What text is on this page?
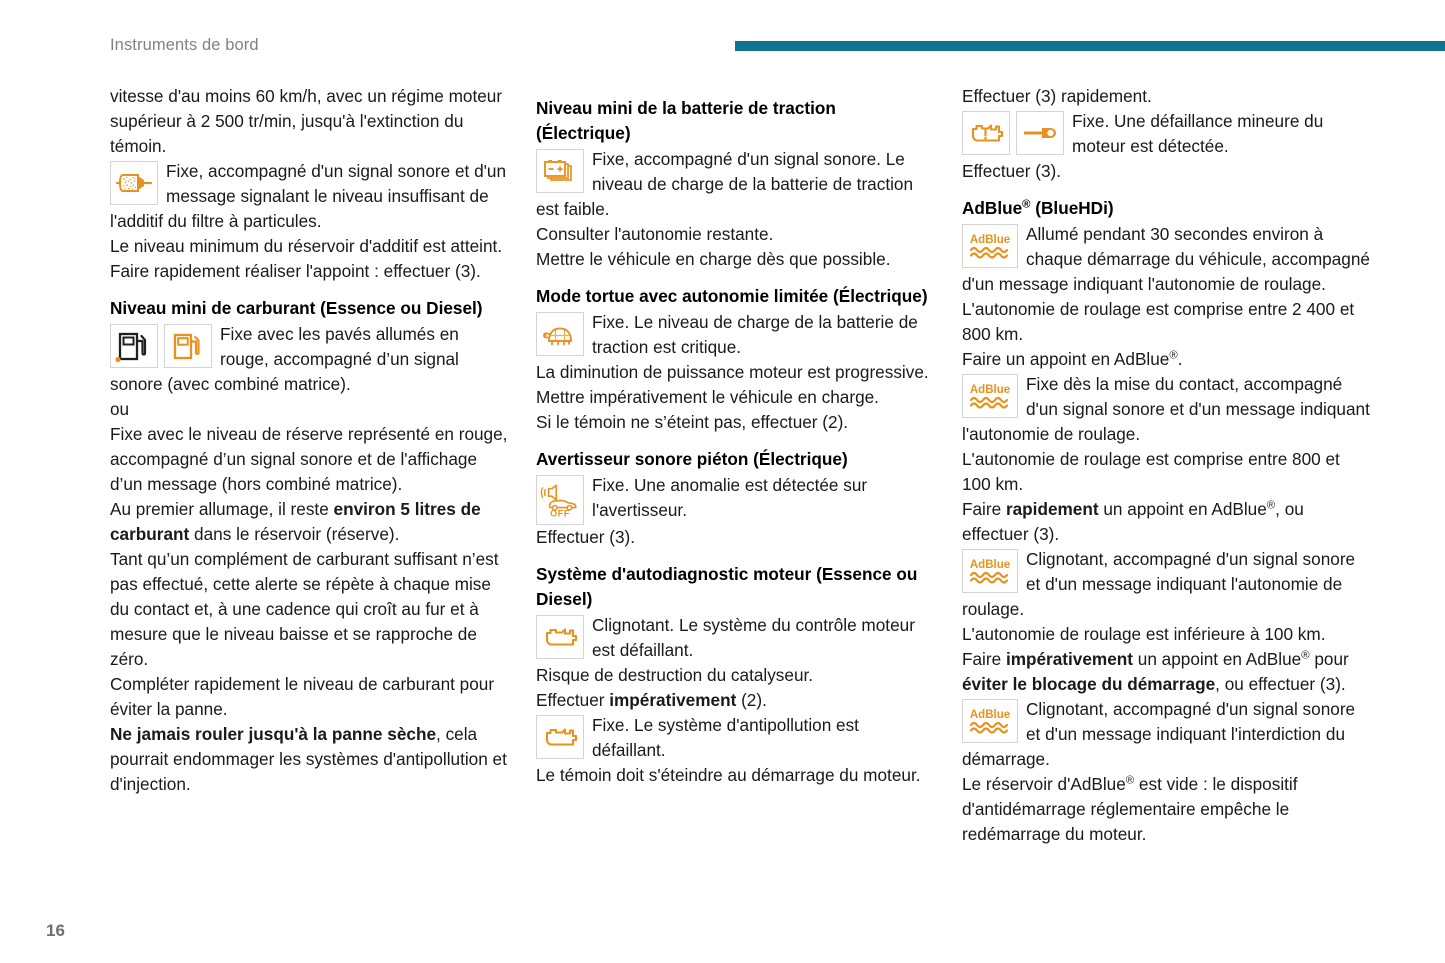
Instruments de bord

vitesse d'au moins 60 km/h, avec un régime moteur supérieur à 2 500 tr/min, jusqu'à l'extinction du témoin.

Fixe, accompagné d'un signal sonore et d'un message signalant le niveau insuffisant de l'additif du filtre à particules.

Le niveau minimum du réservoir d'additif est atteint.

Faire rapidement réaliser l'appoint : effectuer (3).

Niveau mini de carburant (Essence ou Diesel)

Fixe avec les pavés allumés en rouge, accompagné d’un signal sonore (avec combiné matrice).

ou

Fixe avec le niveau de réserve représenté en rouge, accompagné d’un signal sonore et de l'affichage d’un message (hors combiné matrice).

Au premier allumage, il reste environ 5 litres de carburant dans le réservoir (réserve).

Tant qu’un complément de carburant suffisant n’est pas effectué, cette alerte se répète à chaque mise du contact et, à une cadence qui croît au fur et à mesure que le niveau baisse et se rapproche de zéro.

Compléter rapidement le niveau de carburant pour éviter la panne.

Ne jamais rouler jusqu'à la panne sèche, cela pourrait endommager les systèmes d'antipollution et d'injection.

Niveau mini de la batterie de traction (Électrique)

Fixe, accompagné d'un signal sonore. Le niveau de charge de la batterie de traction est faible.

Consulter l'autonomie restante.

Mettre le véhicule en charge dès que possible.

Mode tortue avec autonomie limitée (Électrique)

Fixe. Le niveau de charge de la batterie de traction est critique.

La diminution de puissance moteur est progressive.

Mettre impérativement le véhicule en charge.

Si le témoin ne s’éteint pas, effectuer (2).

Avertisseur sonore piéton (Électrique)
OFF

Fixe. Une anomalie est détectée sur l'avertisseur.

Effectuer (3).

Système d'autodiagnostic moteur (Essence ou Diesel)

Clignotant. Le système du contrôle moteur est défaillant.

Risque de destruction du catalyseur.

Effectuer impérativement (2).

Fixe. Le système d'antipollution est défaillant.

Le témoin doit s'éteindre au démarrage du moteur.

Effectuer (3) rapidement.

Fixe. Une défaillance mineure du moteur est détectée.

Effectuer (3).

AdBlue® (BlueHDi)
AdBlue Allumé pendant 30 secondes environ à chaque démarrage du véhicule, accompagné d'un message indiquant l'autonomie de roulage.

L'autonomie de roulage est comprise entre 2 400 et 800 km.

Faire un appoint en AdBlue®.

AdBlue Fixe dès la mise du contact, accompagné d'un signal sonore et d'un message indiquant l'autonomie de roulage.

L'autonomie de roulage est comprise entre 800 et 100 km.

Faire rapidement un appoint en AdBlue®, ou effectuer (3).

AdBlue Clignotant, accompagné d'un signal sonore et d'un message indiquant l'autonomie de roulage.

L'autonomie de roulage est inférieure à 100 km.

Faire impérativement un appoint en AdBlue® pour éviter le blocage du démarrage, ou effectuer (3).

AdBlue Clignotant, accompagné d'un signal sonore et d'un message indiquant l'interdiction du démarrage.

Le réservoir d'AdBlue® est vide : le dispositif d'antidémarrage réglementaire empêche le redémarrage du moteur.

16
